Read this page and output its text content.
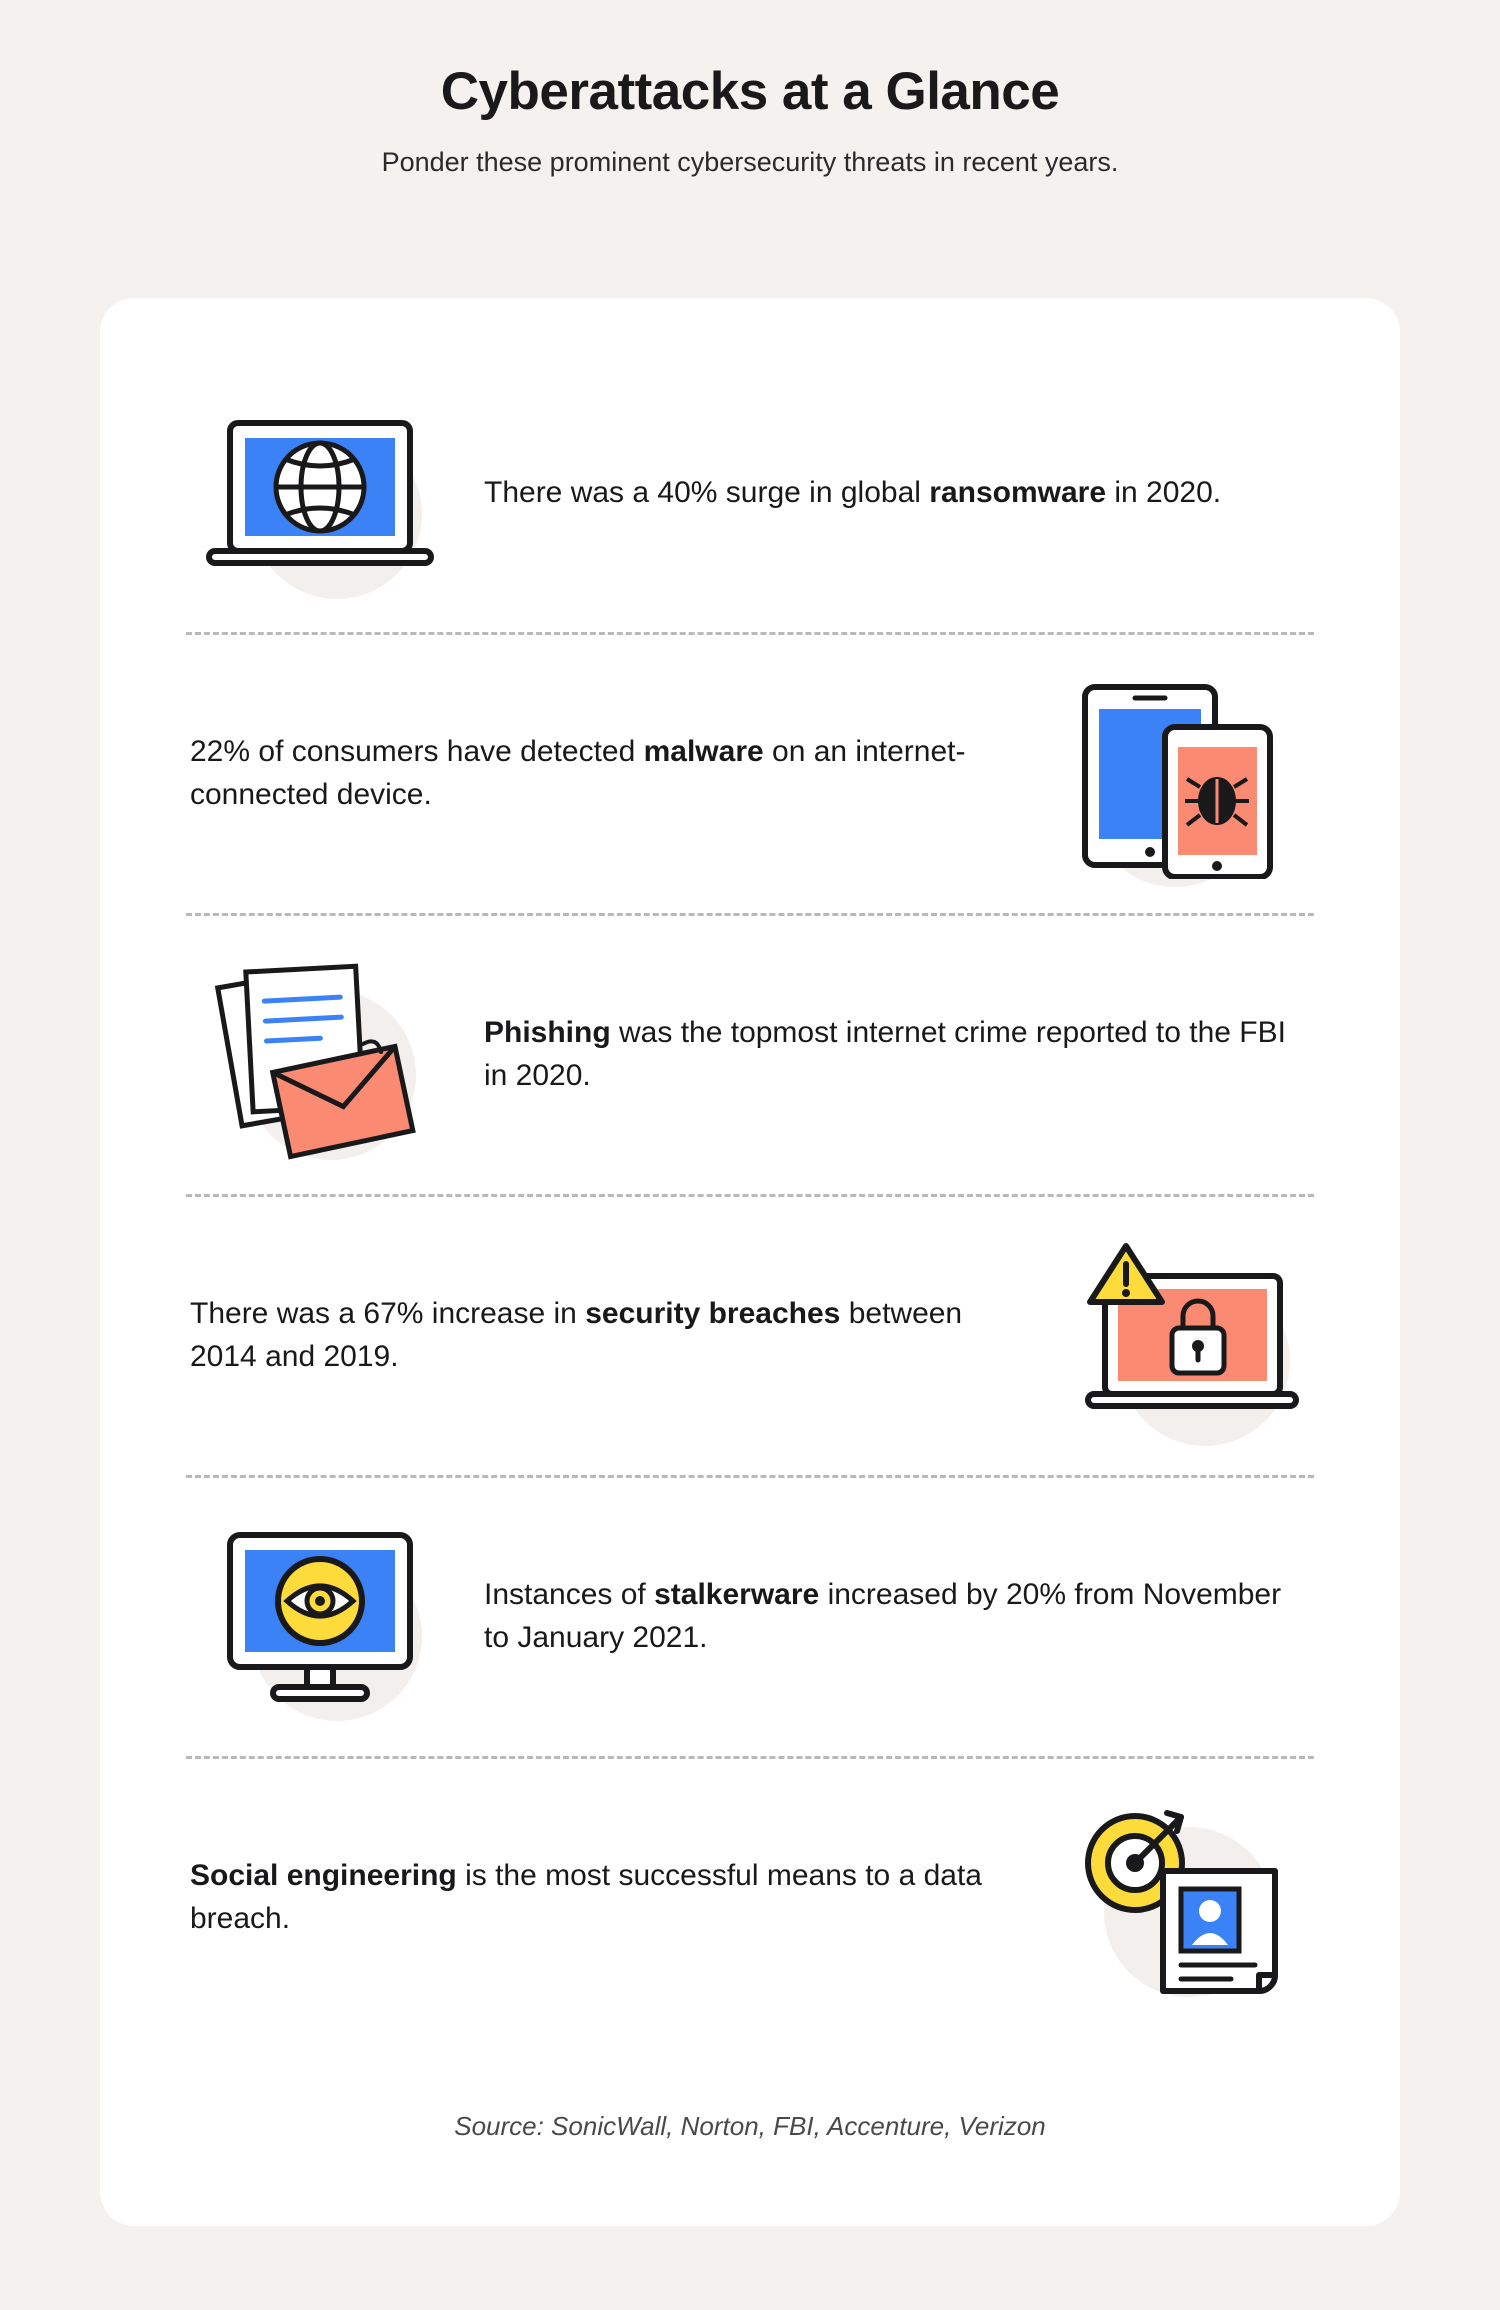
Cyberattacks at a Glance

Ponder these prominent cybersecurity threats in recent years.

There was a 40% surge in global ransomware in 2020.
22% of consumers have detected malware on an internet-connected device.
Phishing was the topmost internet crime reported to the FBI in 2020.
There was a 67% increase in security breaches between 2014 and 2019.
Instances of stalkerware increased by 20% from November to January 2021.
Social engineering is the most successful means to a data breach.
Source: SonicWall, Norton, FBI, Accenture, Verizon
